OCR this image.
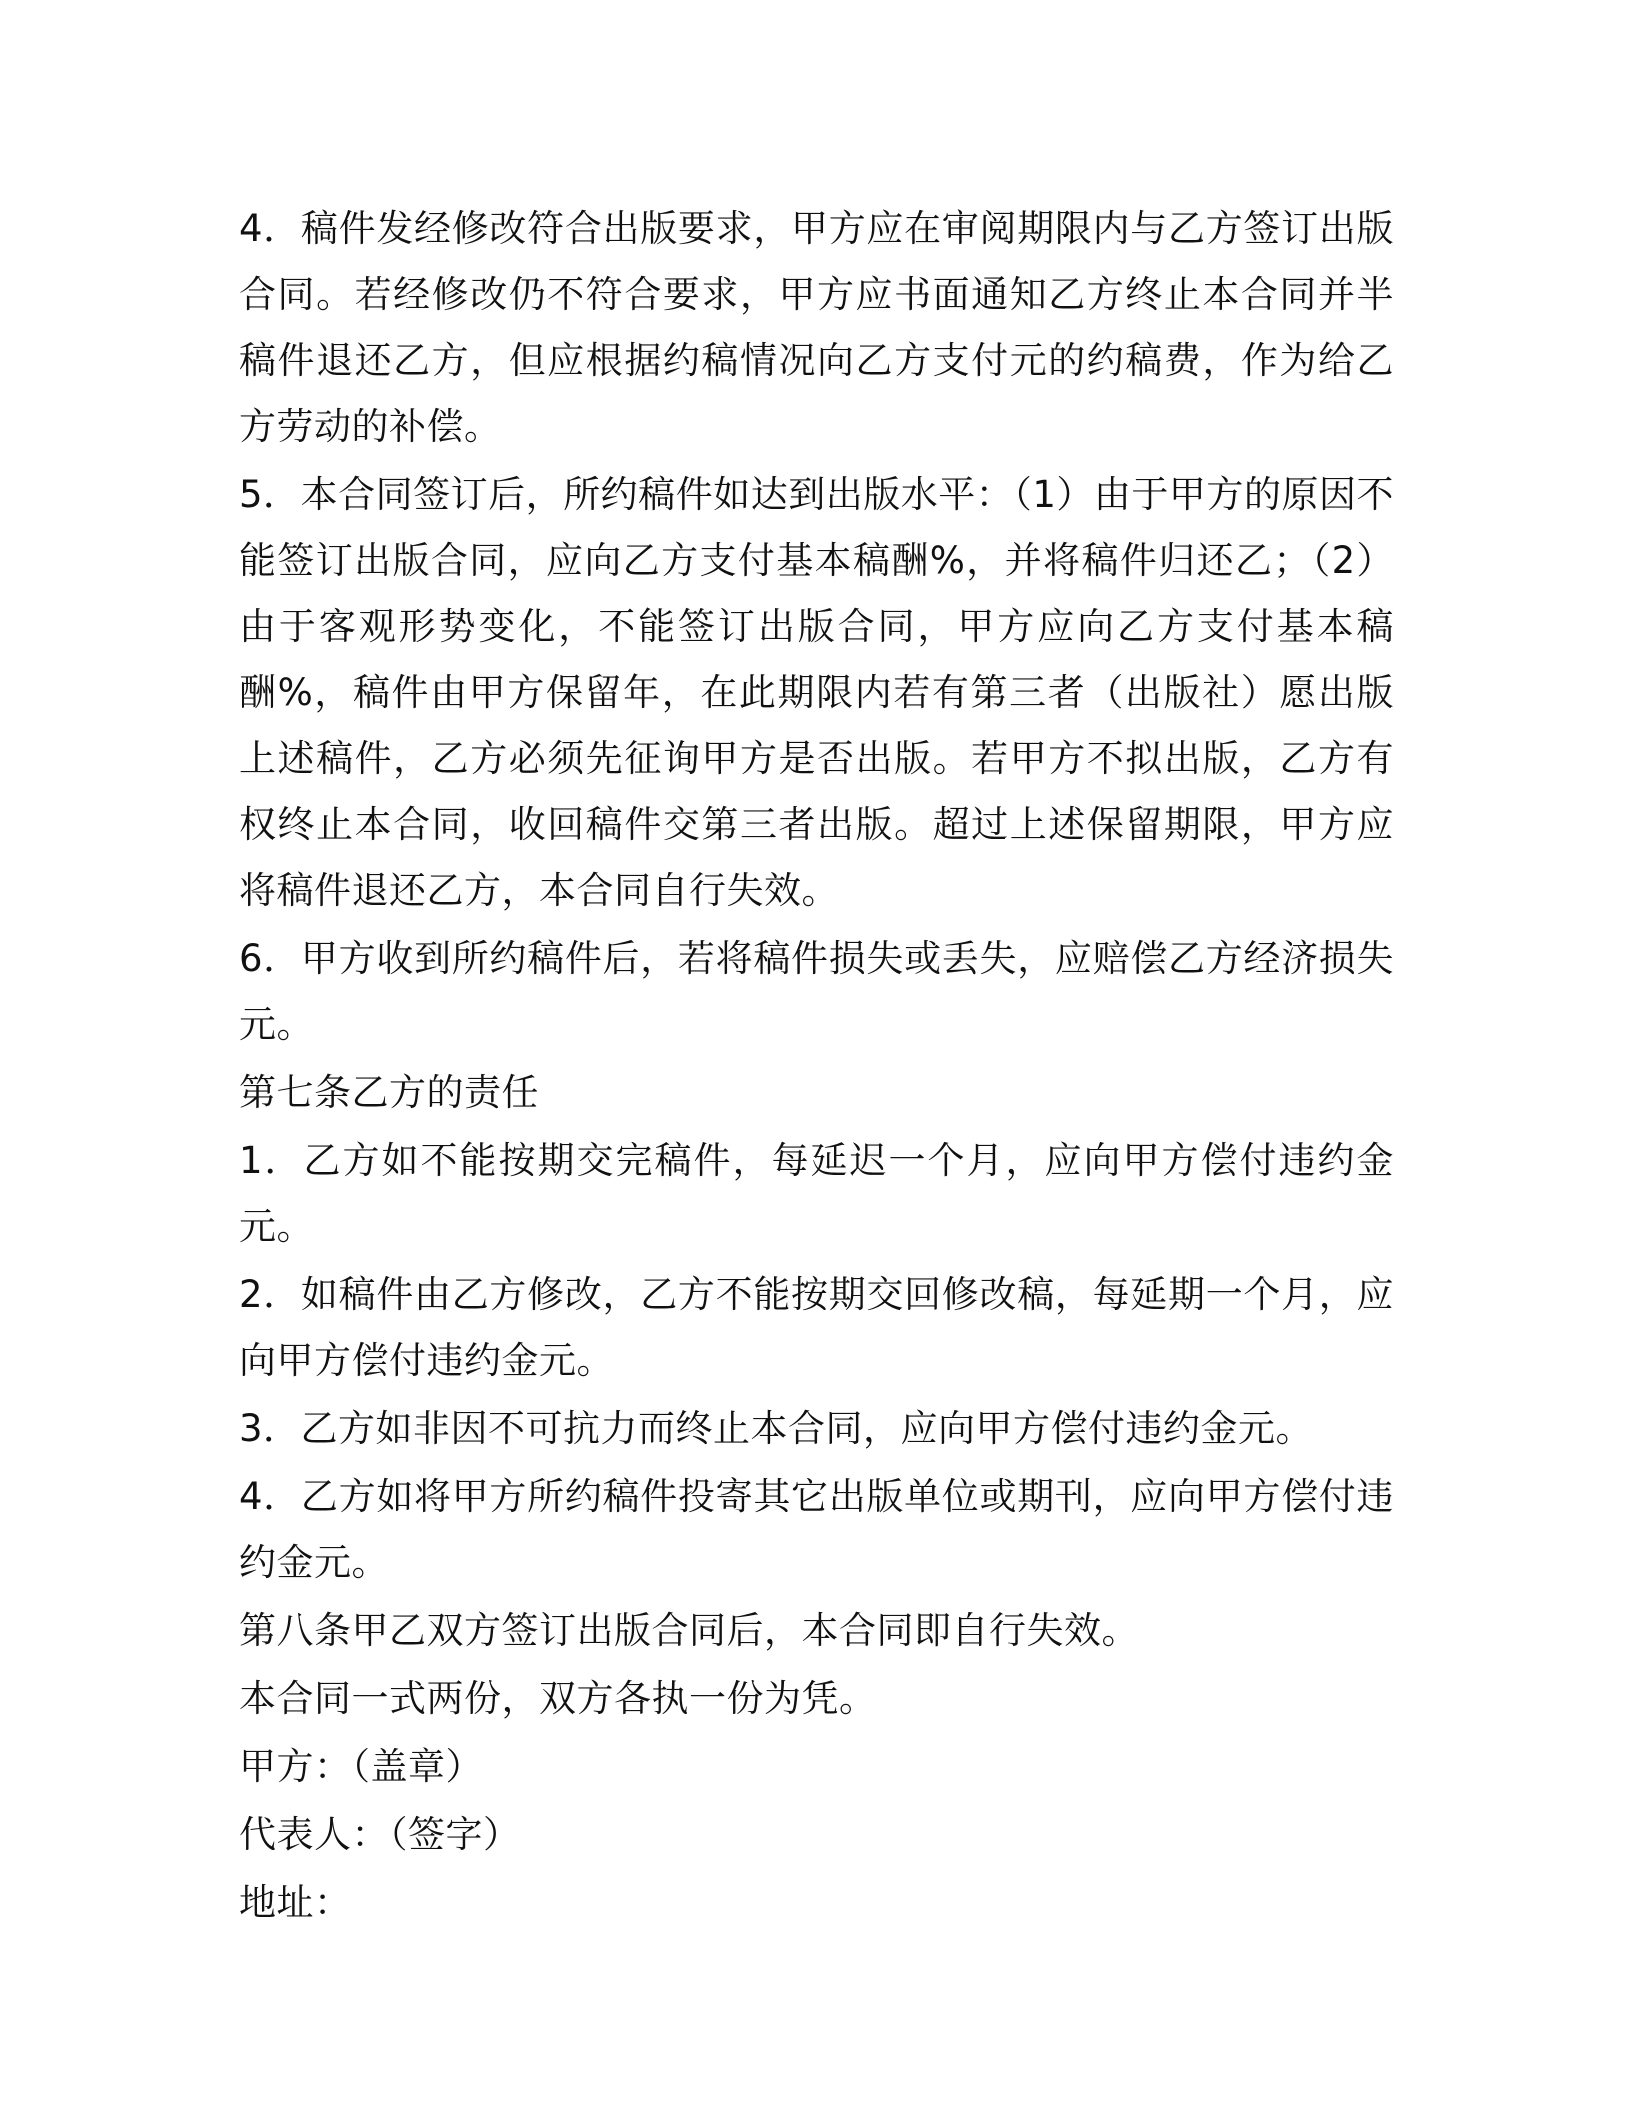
4．稿件发经修改符合出版要求，甲方应在审阅期限内与乙方签订出版合同。若经修改仍不符合要求，甲方应书面通知乙方终止本合同并半稿件退还乙方，但应根据约稿情况向乙方支付元的约稿费，作为给乙方劳动的补偿。

5．本合同签订后，所约稿件如达到出版水平：（1）由于甲方的原因不能签订出版合同，应向乙方支付基本稿酬%，并将稿件归还乙；（2）由于客观形势变化，不能签订出版合同，甲方应向乙方支付基本稿酬%，稿件由甲方保留年，在此期限内若有第三者（出版社）愿出版上述稿件，乙方必须先征询甲方是否出版。若甲方不拟出版，乙方有权终止本合同，收回稿件交第三者出版。超过上述保留期限，甲方应将稿件退还乙方，本合同自行失效。

6．甲方收到所约稿件后，若将稿件损失或丢失，应赔偿乙方经济损失元。

第七条乙方的责任

1．乙方如不能按期交完稿件，每延迟一个月，应向甲方偿付违约金元。

2．如稿件由乙方修改，乙方不能按期交回修改稿，每延期一个月，应向甲方偿付违约金元。

3．乙方如非因不可抗力而终止本合同，应向甲方偿付违约金元。

4．乙方如将甲方所约稿件投寄其它出版单位或期刊，应向甲方偿付违约金元。

第八条甲乙双方签订出版合同后，本合同即自行失效。

本合同一式两份，双方各执一份为凭。

甲方：（盖章）

代表人：（签字）

地址：
